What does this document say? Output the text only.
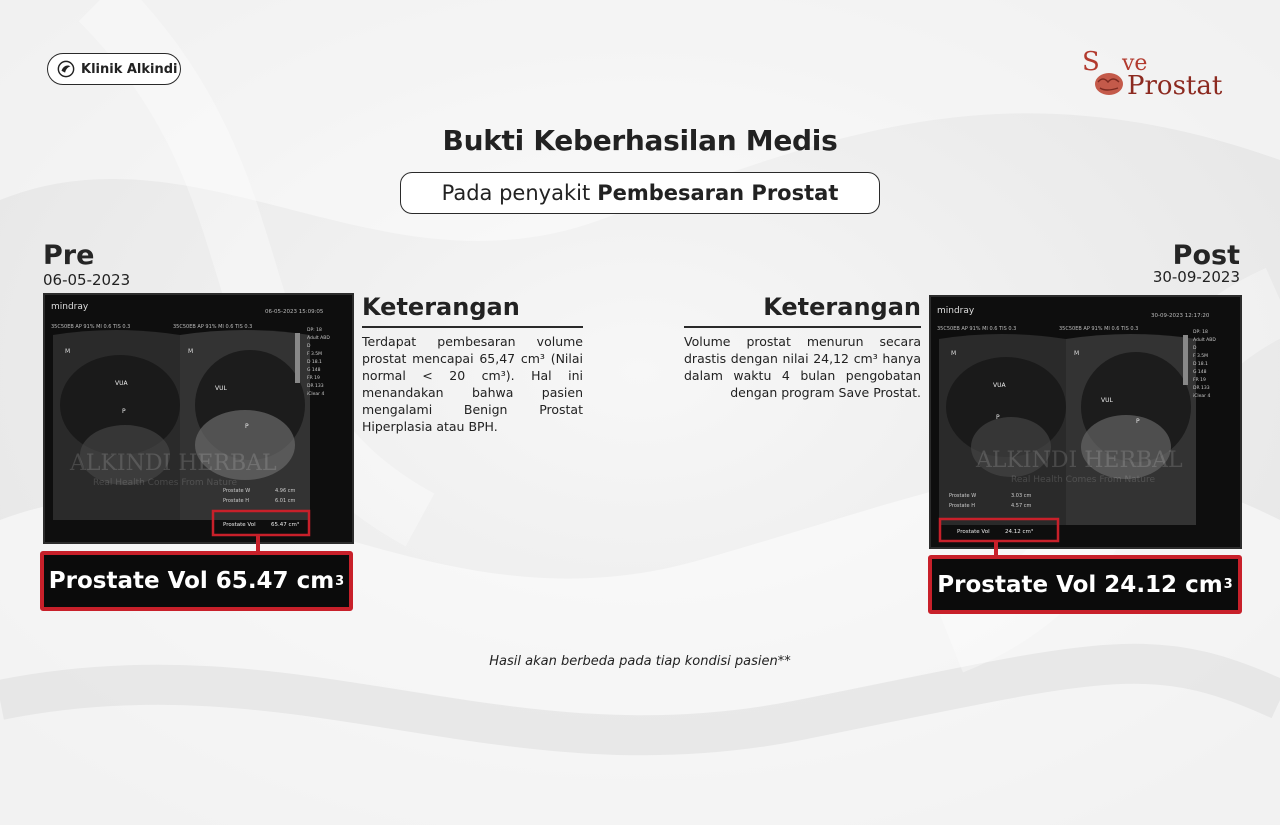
Klinik Alkindi	S ve
Prostat
Bukti Keberhasilan Medis
Pada penyakit Pembesaran Prostat
Pre
06-05-2023
mindray	06-05-2023 15:09:05
35C50EB AP 91% MI 0.6 TIS 0.3	35C50EB AP 91% MI 0.6 TIS 0.3
M	M
VUA
VUL
P
P
ALKINDI HERBAL
Real Health Comes From Nature
DP: 18
Adult ABD
D
F 3.5M
D 18.1
G 148
FR 19
DR 133
iClear 4
Prostate W	4.96 cm
Prostate H	6.01 cm
Prostate Vol	65.47 cm³
Prostate Vol 65.47 cm 3
Keterangan
Terdapat pembesaran volume prostat mencapai 65,47 cm³ (Nilai normal < 20 cm³). Hal ini menandakan bahwa pasien mengalami Benign Prostat Hiperplasia atau BPH.
Post
30-09-2023
mindray	30-09-2023 12:17:20
35C50EB AP 91% MI 0.6 TIS 0.3	35C50EB AP 91% MI 0.6 TIS 0.3
M	M
VUA
VUL
P
P
ALKINDI HERBAL
Real Health Comes From Nature
DP: 18
Adult ABD
D
F 3.5M
D 18.1
G 148
FR 19
DR 133
iClear 4
Prostate W	3.03 cm
Prostate H	4.57 cm
Prostate Vol	24.12 cm³
Prostate Vol 24.12 cm 3
Keterangan
Volume prostat menurun secara drastis dengan nilai 24,12 cm³ hanya dalam waktu 4 bulan pengobatan dengan program Save Prostat.
Hasil akan berbeda pada tiap kondisi pasien**
